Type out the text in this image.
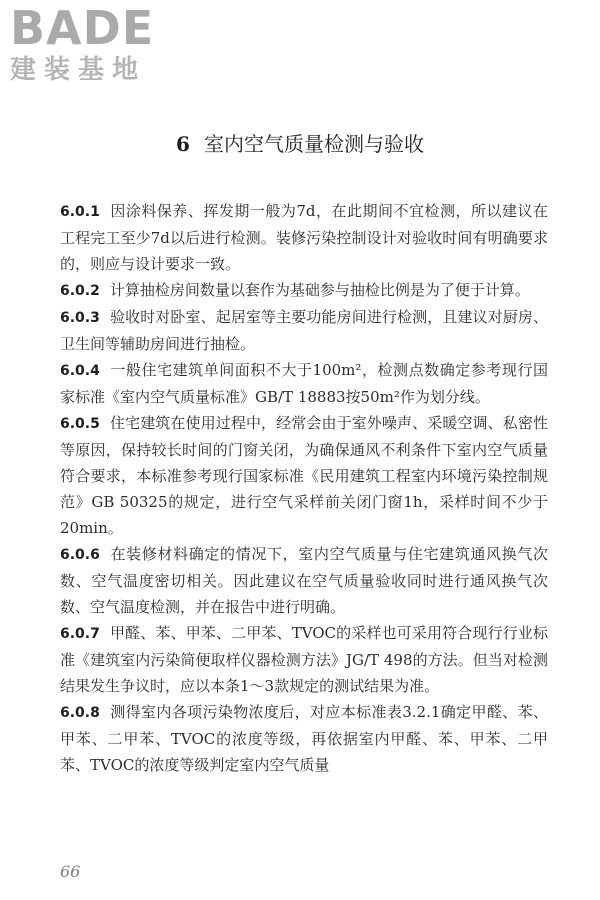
BADE
建装基地
6 室内空气质量检测与验收

6.0.1 因涂料保养、挥发期一般为7d，在此期间不宜检测，所以建议在工程完工至少7d以后进行检测。装修污染控制设计对验收时间有明确要求的，则应与设计要求一致。

6.0.2 计算抽检房间数量以套作为基础参与抽检比例是为了便于计算。

6.0.3 验收时对卧室、起居室等主要功能房间进行检测，且建议对厨房、卫生间等辅助房间进行抽检。

6.0.4 一般住宅建筑单间面积不大于100m²，检测点数确定参考现行国家标准《室内空气质量标准》GB/T 18883按50m²作为划分线。

6.0.5 住宅建筑在使用过程中，经常会由于室外噪声、采暖空调、私密性等原因，保持较长时间的门窗关闭，为确保通风不利条件下室内空气质量符合要求，本标准参考现行国家标准《民用建筑工程室内环境污染控制规范》GB 50325的规定，进行空气采样前关闭门窗1h，采样时间不少于20min。

6.0.6 在装修材料确定的情况下，室内空气质量与住宅建筑通风换气次数、空气温度密切相关。因此建议在空气质量验收同时进行通风换气次数、空气温度检测，并在报告中进行明确。

6.0.7 甲醛、苯、甲苯、二甲苯、TVOC的采样也可采用符合现行行业标准《建筑室内污染简便取样仪器检测方法》JG/T 498的方法。但当对检测结果发生争议时，应以本条1～3款规定的测试结果为准。

6.0.8 测得室内各项污染物浓度后，对应本标准表3.2.1确定甲醛、苯、甲苯、二甲苯、TVOC的浓度等级，再依据室内甲醛、苯、甲苯、二甲苯、TVOC的浓度等级判定室内空气质量

66
